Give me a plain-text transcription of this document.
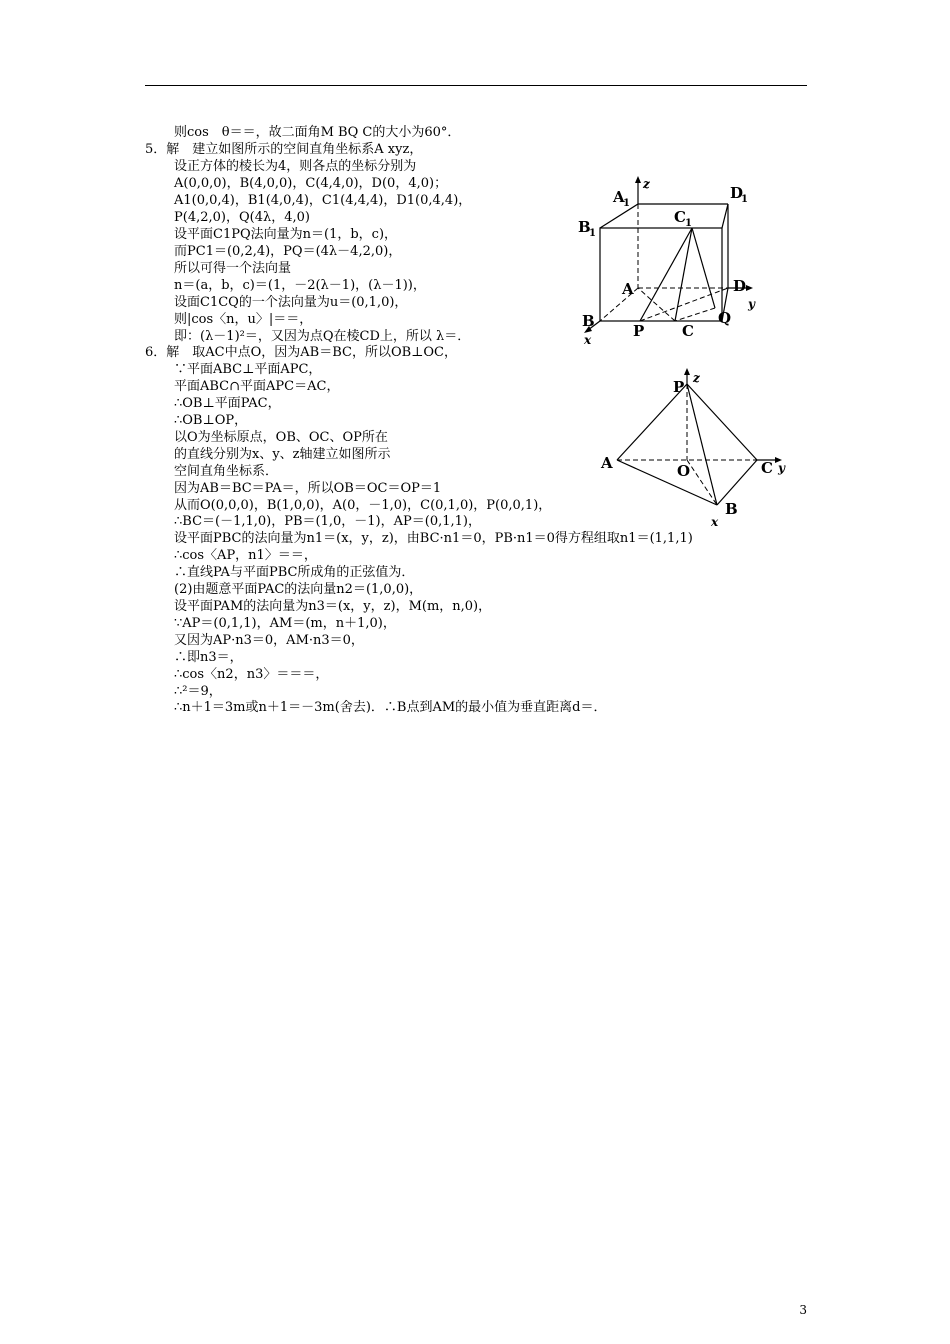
则cos　θ＝＝，故二面角M BQ C的大小为60°．
5．解　建立如图所示的空间直角坐标系A xyz，
设正方体的棱长为4，则各点的坐标分别为
A(0,0,0)，B(4,0,0)，C(4,4,0)，D(0，4,0)；
A1(0,0,4)，B1(4,0,4)，C1(4,4,4)，D1(0,4,4)，
P(4,2,0)，Q(4λ，4,0)
设平面C1PQ法向量为n＝(1，b，c)，
而PC1＝(0,2,4)，PQ＝(4λ－4,2,0)，
所以可得一个法向量
n＝(a，b，c)＝(1，－2(λ－1)，(λ－1))，
设面C1CQ的一个法向量为u＝(0,1,0)，
则|cos〈n，u〉|＝＝，
即：(λ－1)²＝，又因为点Q在棱CD上，所以 λ＝．
6．解　取AC中点O，因为AB＝BC，所以OB⊥OC，
∵平面ABC⊥平面APC，
平面ABC∩平面APC＝AC，
∴OB⊥平面PAC，
∴OB⊥OP，
以O为坐标原点，OB、OC、OP所在
的直线分别为x、y、z轴建立如图所示
空间直角坐标系．
因为AB＝BC＝PA＝，所以OB＝OC＝OP＝1
从而O(0,0,0)，B(1,0,0)，A(0，－1,0)，C(0,1,0)，P(0,0,1)，
∴BC＝(－1,1,0)，PB＝(1,0，－1)，AP＝(0,1,1)，
设平面PBC的法向量为n1＝(x，y，z)，由BC·n1＝0，PB·n1＝0得方程组取n1＝(1,1,1)
∴cos〈AP，n1〉＝＝，
∴直线PA与平面PBC所成角的正弦值为．
(2)由题意平面PAC的法向量n2＝(1,0,0)，
设平面PAM的法向量为n3＝(x，y，z)，M(m，n,0)，
∵AP＝(0,1,1)，AM＝(m，n＋1,0)，
又因为AP·n3＝0，AM·n3＝0，
∴即n3＝，
∴cos〈n2，n3〉＝＝＝，
∴²＝9，
∴n＋1＝3m或n＋1＝－3m(舍去)．∴B点到AM的最小值为垂直距离d＝．
A
1
z	D
1
B
1
C 1
A	D
y
B
P	C
Q
x
P z
A	O	C y
x
B
3
